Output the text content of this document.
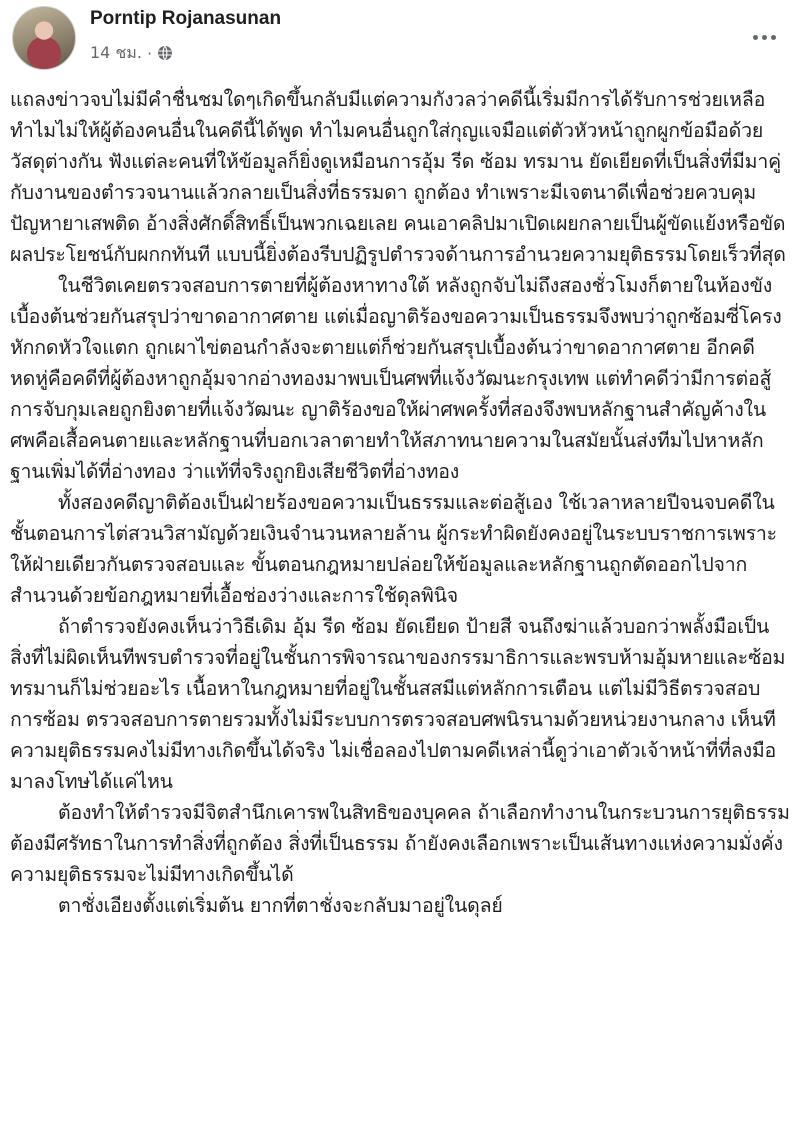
Porntip Rojanasunan
14 ชม. ·

แถลงข่าวจบไม่มีคำชื่นชมใดๆเกิดขึ้นกลับมีแต่ความกังวลว่าคดีนี้เริ่มมีการได้รับการช่วยเหลือ ทำไมไม่ให้ผู้ต้องคนอื่นในคดีนี้ได้พูด ทำไมคนอื่นถูกใส่กุญแจมือแต่ตัวหัวหน้าถูกผูกข้อมือด้วยวัสดุต่างกัน ฟังแต่ละคนที่ให้ข้อมูลก็ยิ่งดูเหมือนการอุ้ม รีด ซ้อม ทรมาน ยัดเยียดที่เป็นสิ่งที่มีมาคู่กับงานของตำรวจนานแล้วกลายเป็นสิ่งที่ธรรมดา ถูกต้อง ทำเพราะมีเจตนาดีเพื่อช่วยควบคุมปัญหายาเสพติด อ้างสิ่งศักดิ์สิทธิ์เป็นพวกเฉยเลย คนเอาคลิปมาเปิดเผยกลายเป็นผู้ขัดแย้งหรือขัดผลประโยชน์กับผกกทันที แบบนี้ยิ่งต้องรีบปฏิรูปตำรวจด้านการอำนวยความยุติธรรมโดยเร็วที่สุด

ในชีวิตเคยตรวจสอบการตายที่ผู้ต้องหาทางใต้ หลังถูกจับไม่ถึงสองชั่วโมงก็ตายในห้องขังเบื้องต้นช่วยกันสรุปว่าขาดอากาศตาย แต่เมื่อญาติร้องขอความเป็นธรรมจึงพบว่าถูกซ้อมซี่โครงหักกดหัวใจแตก ถูกเผาไข่ตอนกำลังจะตายแต่ก็ช่วยกันสรุปเบื้องต้นว่าขาดอากาศตาย อีกคดีหดหู่คือคดีที่ผู้ต้องหาถูกอุ้มจากอ่างทองมาพบเป็นศพที่แจ้งวัฒนะกรุงเทพ แต่ทำคดีว่ามีการต่อสู้การจับกุมเลยถูกยิงตายที่แจ้งวัฒนะ ญาติร้องขอให้ผ่าศพครั้งที่สองจึงพบหลักฐานสำคัญค้างในศพคือเสื้อคนตายและหลักฐานที่บอกเวลาตายทำให้สภาทนายความในสมัยนั้นส่งทีมไปหาหลักฐานเพิ่มได้ที่อ่างทอง ว่าแท้ที่จริงถูกยิงเสียชีวิตที่อ่างทอง

ทั้งสองคดีญาติต้องเป็นฝ่ายร้องขอความเป็นธรรมและต่อสู้เอง ใช้เวลาหลายปีจนจบคดีในชั้นตอนการไต่สวนวิสามัญด้วยเงินจำนวนหลายล้าน ผู้กระทำผิดยังคงอยู่ในระบบราชการเพราะให้ฝ่ายเดียวกันตรวจสอบและ ขั้นตอนกฎหมายปล่อยให้ข้อมูลและหลักฐานถูกตัดออกไปจากสำนวนด้วยข้อกฎหมายที่เอื้อช่องว่างและการใช้ดุลพินิจ

ถ้าตำรวจยังคงเห็นว่าวิธีเดิม อุ้ม รีด ซ้อม ยัดเยียด ป้ายสี จนถึงฆ่าแล้วบอกว่าพลั้งมือเป็นสิ่งที่ไม่ผิดเห็นทีพรบตำรวจที่อยู่ในชั้นการพิจารณาของกรรมาธิการและพรบห้ามอุ้มหายและซ้อมทรมานก็ไม่ช่วยอะไร เนื้อหาในกฎหมายที่อยู่ในชั้นสสมีแต่หลักการเตือน แต่ไม่มีวิธีตรวจสอบการซ้อม ตรวจสอบการตายรวมทั้งไม่มีระบบการตรวจสอบศพนิรนามด้วยหน่วยงานกลาง เห็นทีความยุติธรรมคงไม่มีทางเกิดขึ้นได้จริง ไม่เชื่อลองไปตามคดีเหล่านี้ดูว่าเอาตัวเจ้าหน้าที่ที่ลงมือมาลงโทษได้แค่ไหน

ต้องทำให้ตำรวจมีจิตสำนึกเคารพในสิทธิของบุคคล ถ้าเลือกทำงานในกระบวนการยุติธรรมต้องมีศรัทธาในการทำสิ่งที่ถูกต้อง สิ่งที่เป็นธรรม ถ้ายังคงเลือกเพราะเป็นเส้นทางแห่งความมั่งคั่ง ความยุติธรรมจะไม่มีทางเกิดขึ้นได้

ตาชั่งเอียงตั้งแต่เริ่มต้น ยากที่ตาชั่งจะกลับมาอยู่ในดุลย์
